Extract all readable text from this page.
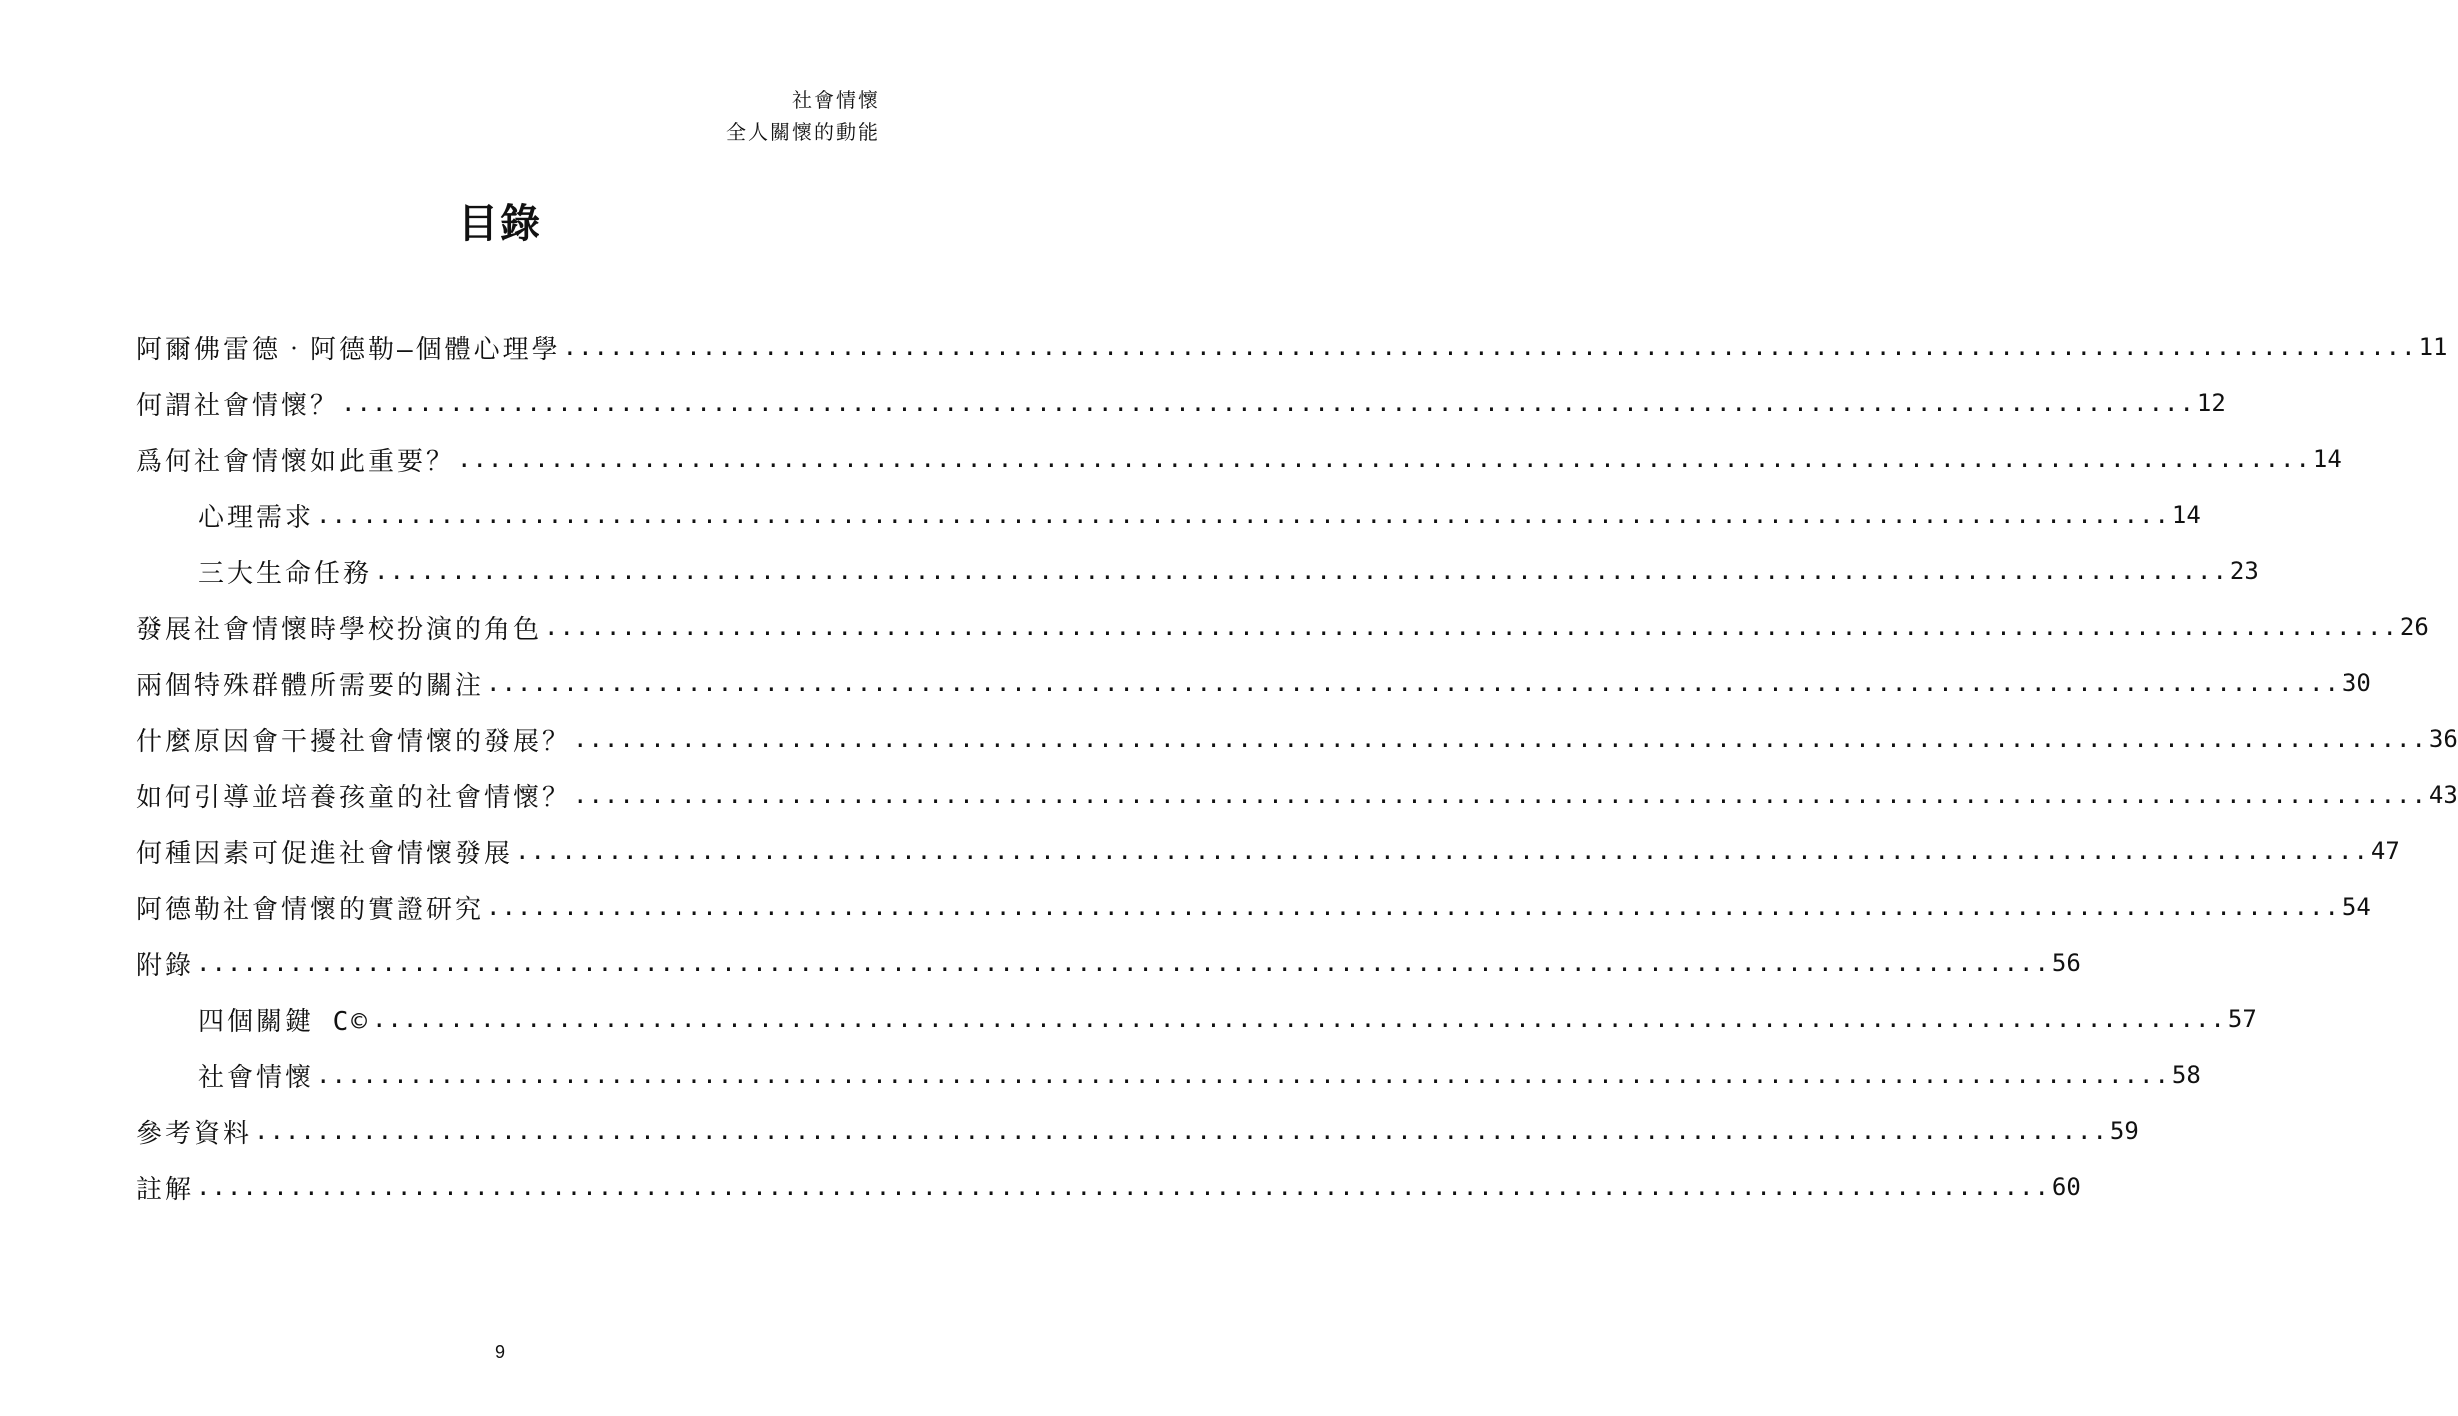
社會情懷
全人關懷的動能
目錄
阿爾佛雷德‧阿德勒—個體心理學 ........................................................................................................................ 11
何謂社會情懷？ ........................................................................................................................ 12
爲何社會情懷如此重要？ ........................................................................................................................ 14
心理需求 ........................................................................................................................ 14
三大生命任務 ........................................................................................................................ 23
發展社會情懷時學校扮演的角色 ........................................................................................................................ 26
兩個特殊群體所需要的關注 ........................................................................................................................ 30
什麼原因會干擾社會情懷的發展？ ........................................................................................................................ 36
如何引導並培養孩童的社會情懷？ ........................................................................................................................ 43
何種因素可促進社會情懷發展 ........................................................................................................................ 47
阿德勒社會情懷的實證研究 ........................................................................................................................ 54
附錄 ........................................................................................................................ 56
四個關鍵 C© ........................................................................................................................ 57
社會情懷 ........................................................................................................................ 58
參考資料 ........................................................................................................................ 59
註解 ........................................................................................................................ 60
9
